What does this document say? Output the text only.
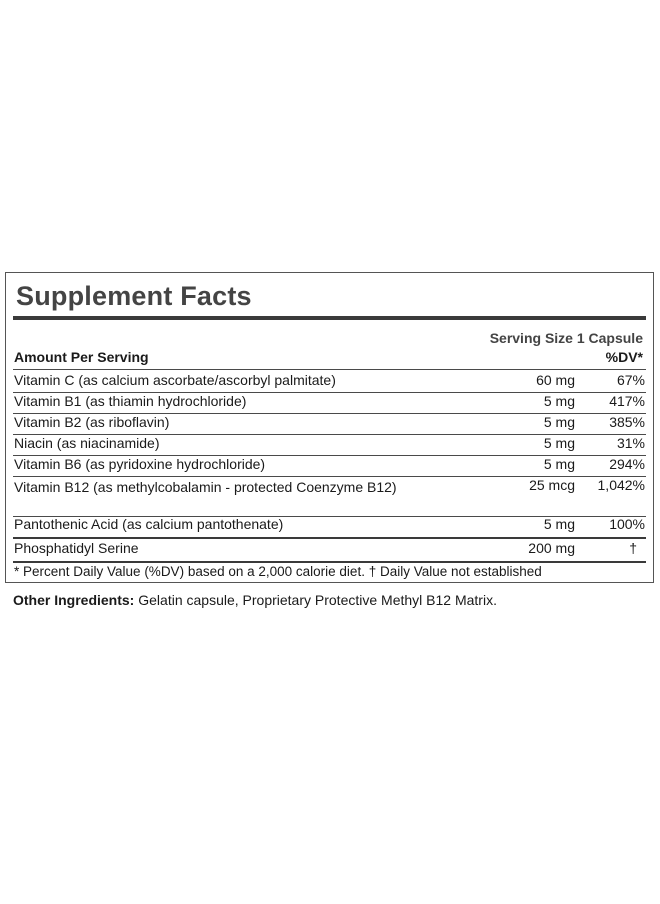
Supplement Facts
Serving Size 1 Capsule
Amount Per Serving	%DV*
Vitamin C (as calcium ascorbate/ascorbyl palmitate)	60 mg	67%
Vitamin B1 (as thiamin hydrochloride)	5 mg 417%
Vitamin B2 (as riboflavin)	5 mg 385%
Niacin (as niacinamide)	5 mg	31%
Vitamin B6 (as pyridoxine hydrochloride)	5 mg 294%
Vitamin B12 (as methylcobalamin - protected Coenzyme B12)	25 mcg 1,042%
Pantothenic Acid (as calcium pantothenate)	5 mg 100%
Phosphatidyl Serine	200 mg	†
* Percent Daily Value (%DV) based on a 2,000 calorie diet. † Daily Value not established
Other Ingredients: Gelatin capsule, Proprietary Protective Methyl B12 Matrix.
